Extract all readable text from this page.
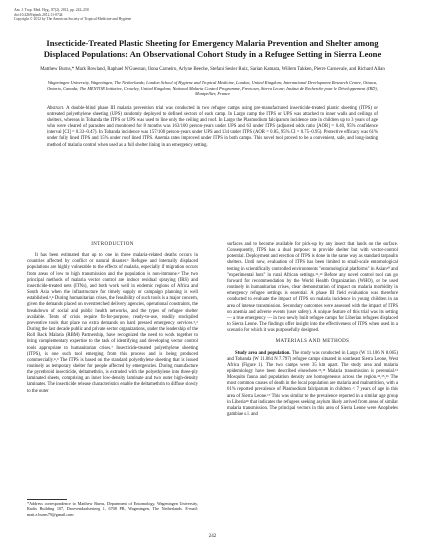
Am. J. Trop. Med. Hyg., 87(2), 2012, pp. 242–250
doi:10.4269/ajtmh.2012.11-0744
Copyright © 2012 by The American Society of Tropical Medicine and Hygiene
Insecticide-Treated Plastic Sheeting for Emergency Malaria Prevention and Shelter among Displaced Populations: An Observational Cohort Study in a Refugee Setting in Sierra Leone
Matthew Burns,* Mark Rowland, Raphael N'Guessan, Ilona Carneiro, Arlyne Beeche, Stefani Sesler Ruiz, Sarian Kamara, Willem Takken, Pierre Carnevale, and Richard Allan
Wageningen University, Wageningen, The Netherlands; London School of Hygiene and Tropical Medicine, London, United Kingdom; International Development Research Centre, Ottawa, Ontario, Canada; The MENTOR Initiative, Crawley, United Kingdom; National Malaria Control Programme, Freetown, Sierra Leone; Institut de Recherche pour le Développement (IRD), Montpellier, France
Abstract. A double-blind phase III malaria prevention trial was conducted in two refugee camps using pre-manufactured insecticide-treated plastic sheeting (ITPS) or untreated polyethylene sheeting (UPS) randomly deployed to defined sectors of each camp. In Largo camp the ITPS or UPS was attached to inner walls and ceilings of shelters, whereas in Tobanda the ITPS or UPS was used to line only the ceiling and roof. In Largo the Plasmodium falciparum incidence rate in children up to 3 years of age who were cleared of parasites and monitored for 8 months was 163/100 person-years under UPS and 63 under ITPS (adjusted odds ratio [AOR] = 0.40, 95% confidence interval [CI] = 0.33–0.47). In Tobanda incidence was 157/100 person-years under UPS and 134 under ITPS (AOR = 0.85, 95% CI = 0.75–0.95). Protective efficacy was 61% under fully lined ITPS and 15% under roof lined ITPS. Anemia rates improved under ITPS in both camps. This novel tool proved to be a convenient, safe, and long-lasting method of malaria control when used as a full shelter lining in an emergency setting.
INTRODUCTION

It has been estimated that up to one in three malaria-related deaths occurs in countries affected by conflict or natural disaster.¹ Refugee and internally displaced populations are highly vulnerable to the effects of malaria, especially if migration occurs from areas of low to high transmission and the population is non-immune.² The two principal methods of malaria vector control are indoor residual spraying (IRS) and insecticide-treated nets (ITNs), and both work well in endemic regions of Africa and South Asia when the infrastructure for timely supply or campaign planning is well established.³,⁴ During humanitarian crises, the feasibility of such tools is a major concern, given the demands placed on overstretched delivery agencies, operational constraints, the breakdown of social and public health networks, and the types of refugee shelter available. Tents of crisis require fit-for-purpose, ready-to-use, readily stockpiled preventive tools that place no extra demands on hard pressed emergency services.⁵,⁶ During the last decade public and private sector organizations, under the leadership of the Roll Back Malaria (RBM) Partnership, have recognized the need to work together to bring complementary expertise to the task of identifying and developing vector control tools appropriate to humanitarian crises.⁷ Insecticide-treated polyethylene sheeting (ITPS), is one such tool emerging from this process and is being produced commercially.⁸,⁹ The ITPS is based on the standard polyethylene sheeting that is issued routinely as temporary shelter for people affected by emergencies. During manufacture the pyrethroid insecticide, deltamethrin, is extruded with the polyethylene into three-ply laminated sheets, comprising an inner low-density laminate and two outer high-density laminates. The insecticide release characteristics enable the deltamethrin to diffuse slowly to the outer

surfaces and to become available for pick-up by any insect that lands on the surface. Consequently, ITPS has a dual purpose: to provide shelter but with vector-control potential. Deployment and erection of ITPS is done in the same way as standard tarpaulin shelters. Until now, evaluation of ITPS has been limited to small-scale entomological testing in scientifically controlled environments "entomological platforms" in Asian¹⁰ and "experimental huts" in rural African settings.¹¹,¹² Before any novel control tool can go forward for recommendation by the World Health Organization (WHO), or be used routinely in humanitarian crises, clear demonstration of impact on malaria morbidity in emergency refugee settings is essential. A phase III field evaluation was therefore conducted to evaluate the impact of ITPS on malaria incidence in young children in an area of intense transmission. Secondary outcomes were assessed with the impact of ITPS on anemia and adverse events (user safety). A unique feature of this trial was its setting — a true emergency — in two newly built refugee camps for Liberian refugees displaced to Sierra Leone. The findings offer insight into the effectiveness of ITPS when used in a scenario for which it was purposefully designed.

MATERIALS AND METHODS

Study area and population. The study was conducted in Largo (W 11.106 N 8.065) and Tobanda (W 11.064 N 7.797) refugee camps situated in southeast Sierra Leone, West Africa (Figure 1). The two camps were 35 km apart. The study area and malaria epidemiology have been described elsewhere.¹²,¹³ Malaria transmission is perennial.¹³ Mosquito fauna and population density are homogeneous across the region.¹³,¹⁵,¹⁶ The most common causes of death in the local population are malaria and malnutrition, with a 61% reported prevalence of Plasmodium falciparum in children < 7 years of age in this area of Sierra Leone.¹⁷ This was similar to the prevalence reported in a similar age group in Liberia¹⁸ that indicates the refugees seeking asylum likely arrived from areas of similar malaria transmission. The principal vectors in this area of Sierra Leone were Anopheles gambiae s.l. and

*Address correspondence to Matthew Burns, Department of Entomology, Wageningen University, Radix Building 107, Droevendaalsesteeg 1, 6708 PB, Wageningen, The Netherlands. E-mail: matt.e.burns79@gmail.com
242
